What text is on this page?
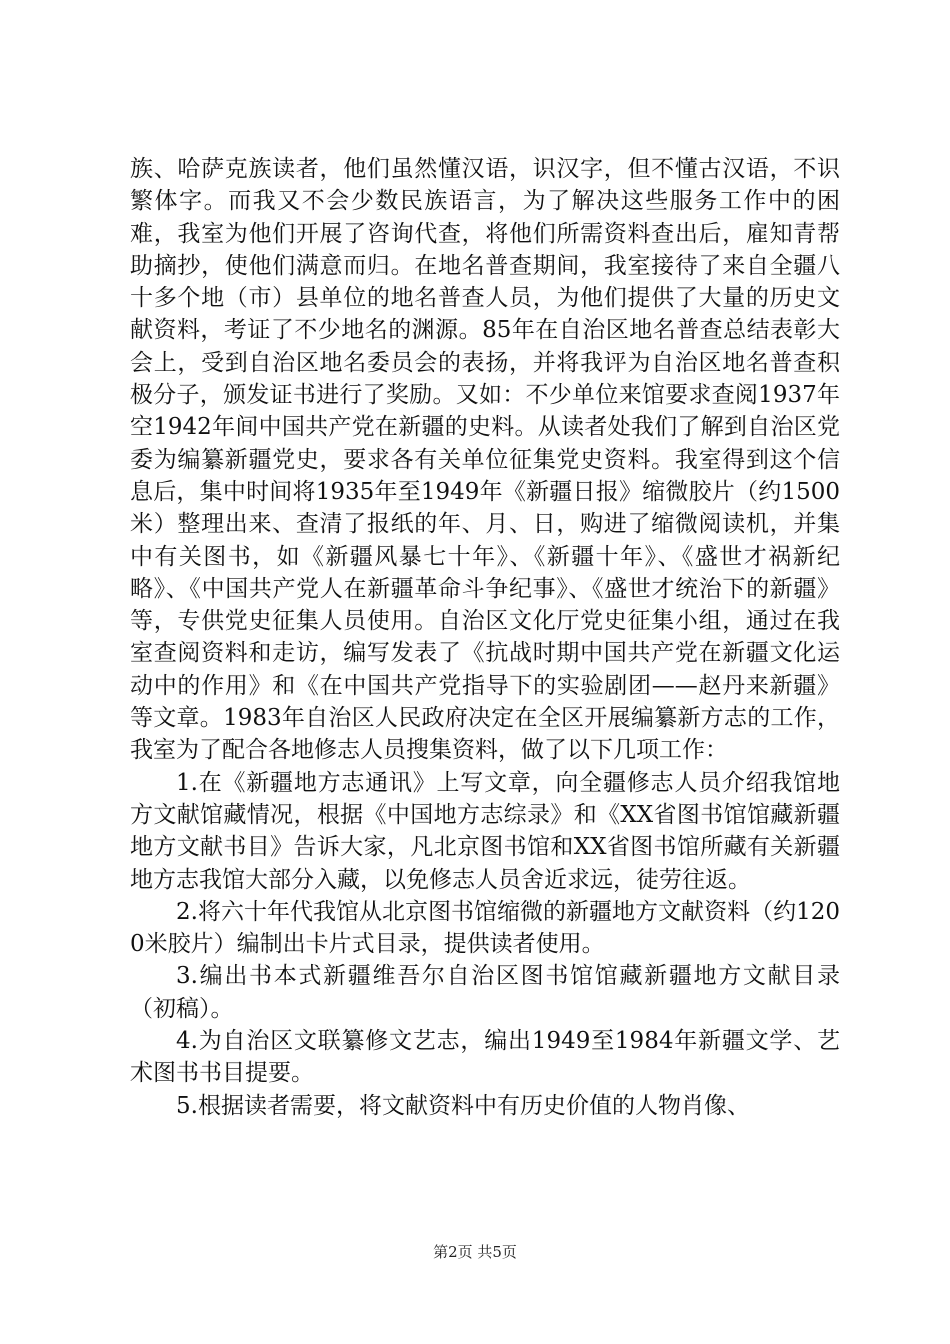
族、哈萨克族读者，他们虽然懂汉语，识汉字，但不懂古汉语，不识繁体字。而我又不会少数民族语言，为了解决这些服务工作中的困难，我室为他们开展了咨询代查，将他们所需资料查出后，雇知青帮助摘抄，使他们满意而归。在地名普查期间，我室接待了来自全疆八十多个地（市）县单位的地名普查人员，为他们提供了大量的历史文献资料，考证了不少地名的渊源。85年在自治区地名普查总结表彰大会上，受到自治区地名委员会的表扬，并将我评为自治区地名普查积极分子，颁发证书进行了奖励。又如：不少单位来馆要求查阅1937年空1942年间中国共产党在新疆的史料。从读者处我们了解到自治区党委为编纂新疆党史，要求各有关单位征集党史资料。我室得到这个信息后，集中时间将1935年至1949年《新疆日报》缩微胶片（约1500米）整理出来、查清了报纸的年、月、日，购进了缩微阅读机，并集中有关图书，如《新疆风暴七十年》、《新疆十年》、《盛世才祸新纪略》、《中国共产党人在新疆革命斗争纪事》、《盛世才统治下的新疆》等，专供党史征集人员使用。自治区文化厅党史征集小组，通过在我室查阅资料和走访，编写发表了《抗战时期中国共产党在新疆文化运动中的作用》和《在中国共产党指导下的实验剧团——赵丹来新疆》等文章。1983年自治区人民政府决定在全区开展编纂新方志的工作，我室为了配合各地修志人员搜集资料，做了以下几项工作：

1.在《新疆地方志通讯》上写文章，向全疆修志人员介绍我馆地方文献馆藏情况，根据《中国地方志综录》和《XX省图书馆馆藏新疆地方文献书目》告诉大家，凡北京图书馆和XX省图书馆所藏有关新疆地方志我馆大部分入藏，以免修志人员舍近求远，徒劳往返。

2.将六十年代我馆从北京图书馆缩微的新疆地方文献资料（约1200米胶片）编制出卡片式目录，提供读者使用。

3.编出书本式新疆维吾尔自治区图书馆馆藏新疆地方文献目录（初稿）。

4.为自治区文联纂修文艺志，编出1949至1984年新疆文学、艺术图书书目提要。

5.根据读者需要，将文献资料中有历史价值的人物肖像、

第2页 共5页
